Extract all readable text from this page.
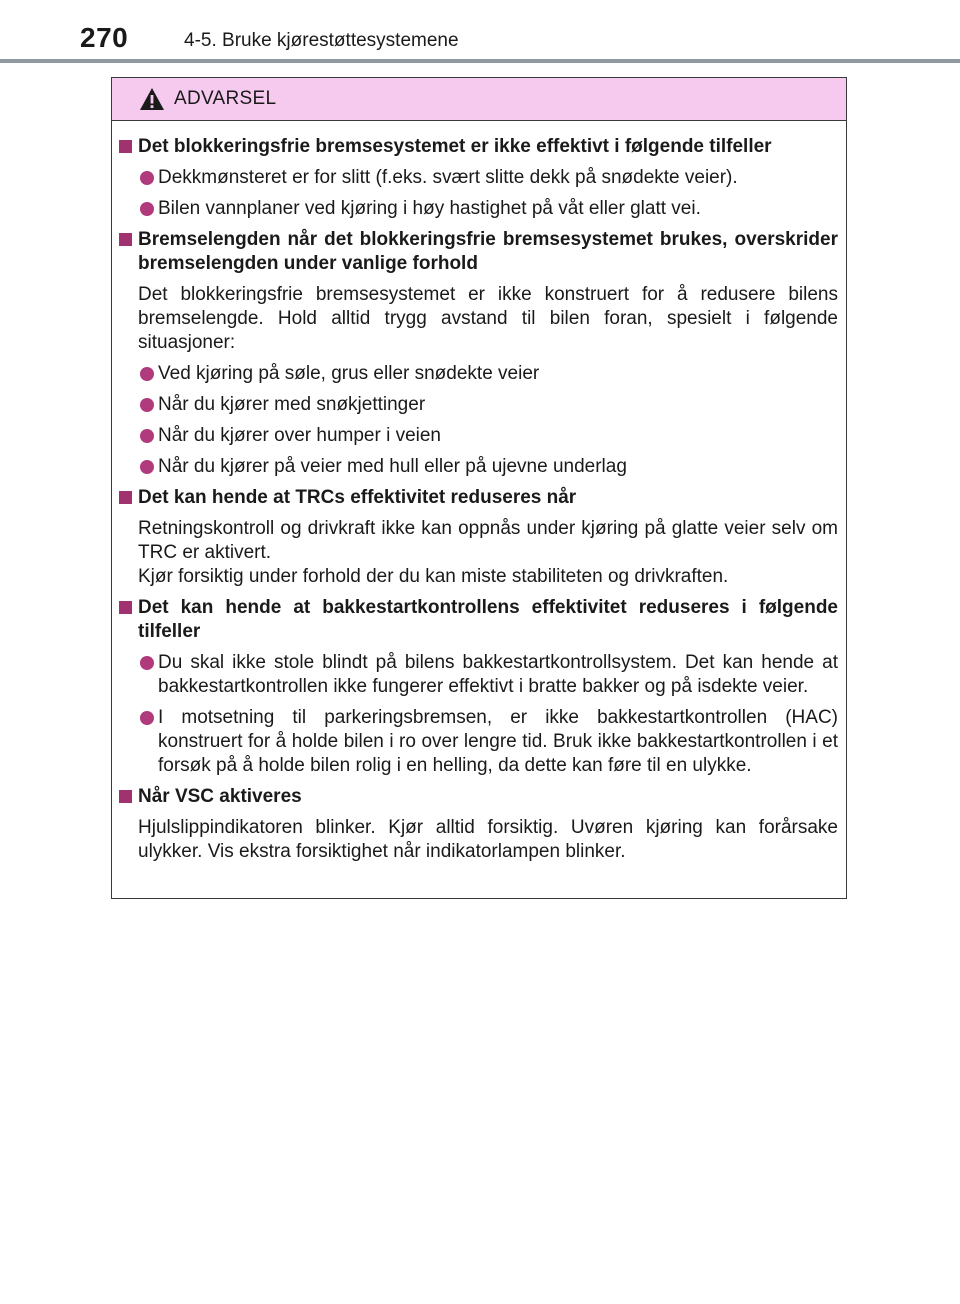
270	4-5. Bruke kjørestøttesystemene
ADVARSEL
Det blokkeringsfrie bremsesystemet er ikke effektivt i følgende tilfeller
Dekkmønsteret er for slitt (f.eks. svært slitte dekk på snødekte veier).
Bilen vannplaner ved kjøring i høy hastighet på våt eller glatt vei.
Bremselengden når det blokkeringsfrie bremsesystemet brukes, overskrider bremselengden under vanlige forhold
Det blokkeringsfrie bremsesystemet er ikke konstruert for å redusere bilens bremselengde. Hold alltid trygg avstand til bilen foran, spesielt i følgende situasjoner:
Ved kjøring på søle, grus eller snødekte veier
Når du kjører med snøkjettinger
Når du kjører over humper i veien
Når du kjører på veier med hull eller på ujevne underlag
Det kan hende at TRCs effektivitet reduseres når
Retningskontroll og drivkraft ikke kan oppnås under kjøring på glatte veier selv om TRC er aktivert.
Kjør forsiktig under forhold der du kan miste stabiliteten og drivkraften.
Det kan hende at bakkestartkontrollens effektivitet reduseres i følgende tilfeller
Du skal ikke stole blindt på bilens bakkestartkontrollsystem. Det kan hende at bakkestartkontrollen ikke fungerer effektivt i bratte bakker og på isdekte veier.
I motsetning til parkeringsbremsen, er ikke bakkestartkontrollen (HAC) konstruert for å holde bilen i ro over lengre tid. Bruk ikke bakkestartkontrollen i et forsøk på å holde bilen rolig i en helling, da dette kan føre til en ulykke.
Når VSC aktiveres
Hjulslippindikatoren blinker. Kjør alltid forsiktig. Uvøren kjøring kan forårsake ulykker. Vis ekstra forsiktighet når indikatorlampen blinker.
